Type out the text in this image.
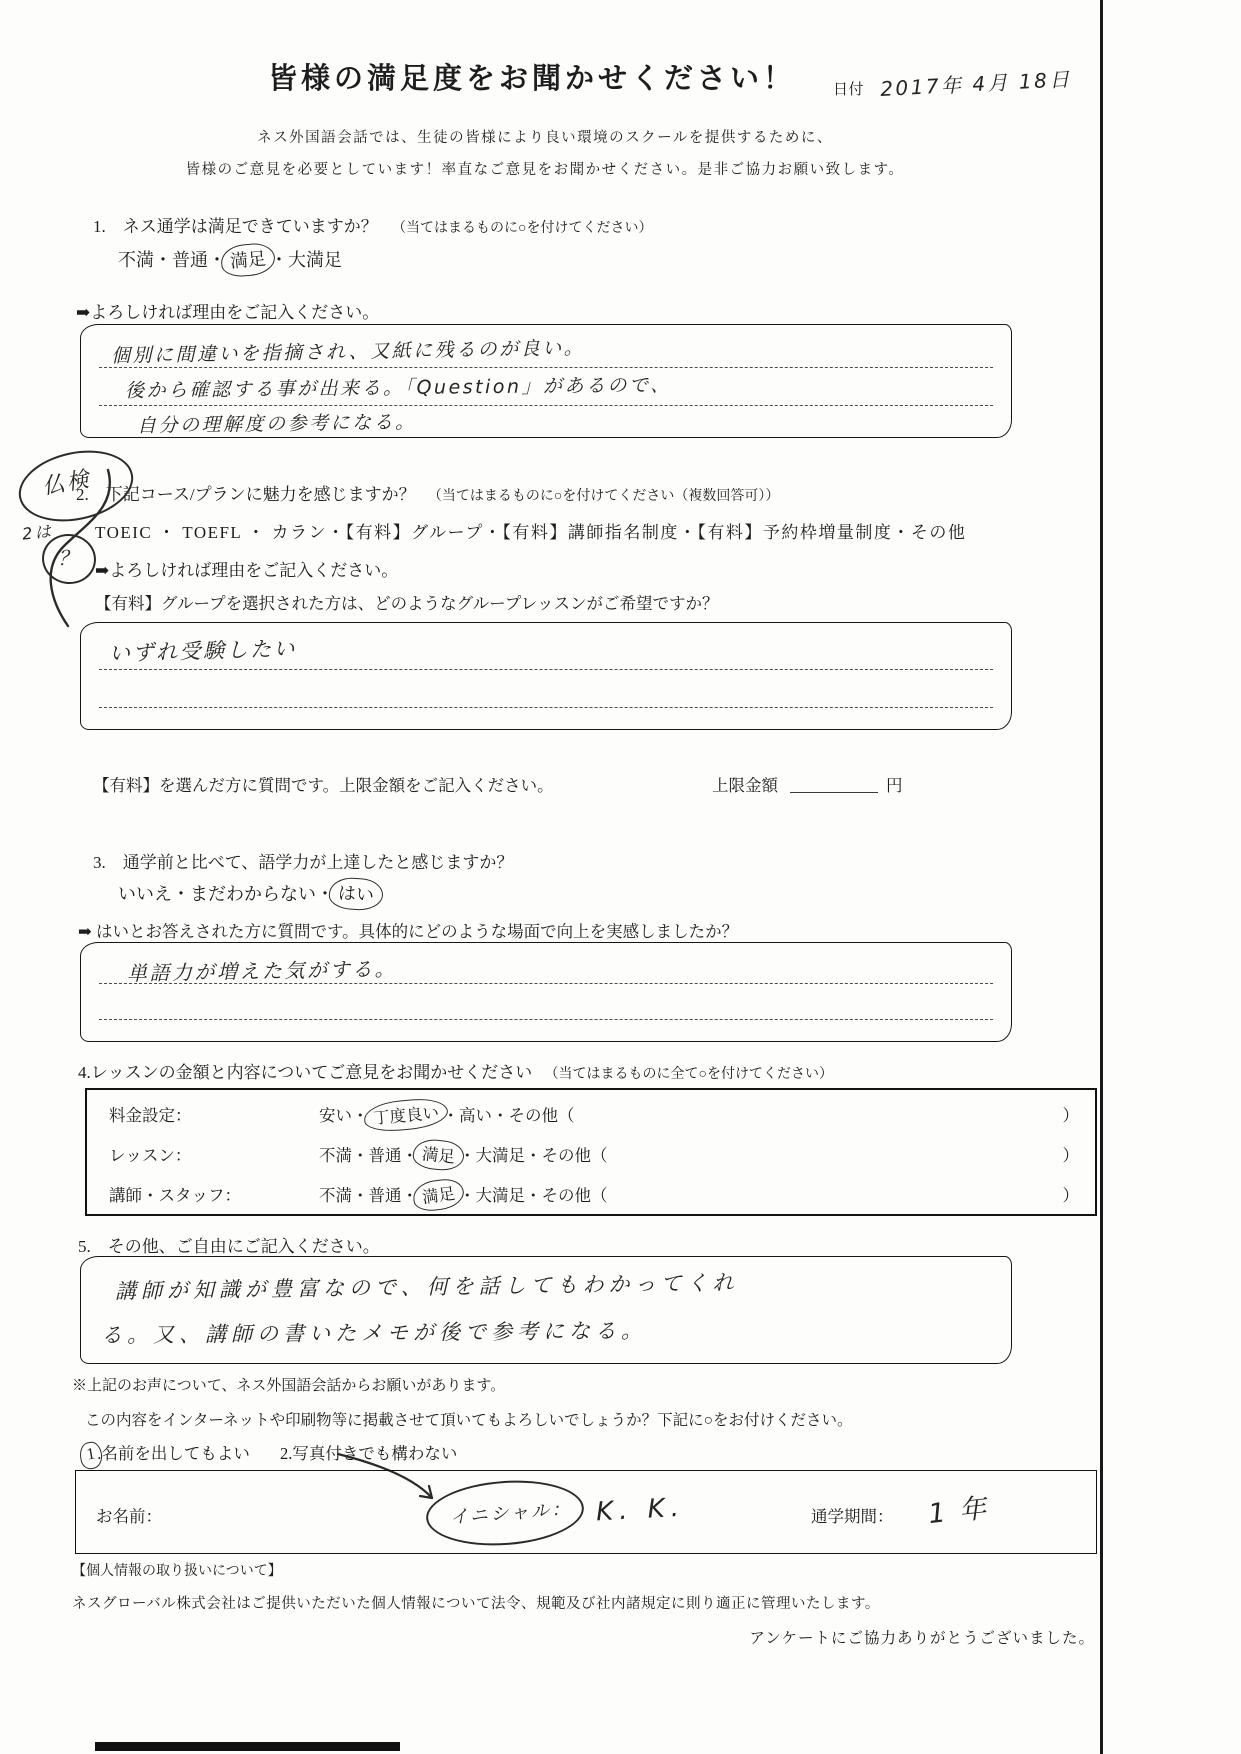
皆様の満足度をお聞かせください！ 日付 2017年 4月 18日
ネス外国語会話では、生徒の皆様により良い環境のスクールを提供するために、
皆様のご意見を必要としています！率直なご意見をお聞かせください。是非ご協力お願い致します。
1.　ネス通学は満足できていますか？ （当てはまるものに○を付けてください）
不満・普通・ 満足 ・大満足
➡よろしければ理由をご記入ください。
個別に間違いを指摘され、又紙に残るのが良い。
後から確認する事が出来る。「Question」があるので、
自分の理解度の参考になる。
2.　下記コース/プランに魅力を感じますか？ （当てはまるものに○を付けてください（複数回答可））
TOEIC ・ TOEFL ・ カラン・【有料】グループ・【有料】講師指名制度・【有料】予約枠増量制度・その他
仏検
2は
？
➡よろしければ理由をご記入ください。
【有料】グループを選択された方は、どのようなグループレッスンがご希望ですか？
いずれ受験したい
【有料】を選んだ方に質問です。上限金額をご記入ください。	上限金額	円
3.　通学前と比べて、語学力が上達したと感じますか？
いいえ・まだわからない・ はい
➡ はいとお答えされた方に質問です。具体的にどのような場面で向上を実感しましたか？
単語力が増えた気がする。
4.レッスンの金額と内容についてご意見をお聞かせください （当てはまるものに全て○を付けてください）
料金設定：	安い・ 丁度良い ・高い・その他（	）
レッスン：	不満・普通・ 満足 ・大満足・その他（	）
講師・スタッフ：	不満・普通・ 満足 ・大満足・その他（	）
5.　その他、ご自由にご記入ください。
講師が知識が豊富なので、何を話してもわかってくれ
る。又、講師の書いたメモが後で参考になる。
※上記のお声について、ネス外国語会話からお願いがあります。
この内容をインターネットや印刷物等に掲載させて頂いてもよろしいでしょうか？下記に○をお付けください。
1.名前を出してもよい 2.写真付きでも構わない
お名前：	イニシャル： K. K.	通学期間： 1 年
【個人情報の取り扱いについて】
ネスグローバル株式会社はご提供いただいた個人情報について法令、規範及び社内諸規定に則り適正に管理いたします。
アンケートにご協力ありがとうございました。
